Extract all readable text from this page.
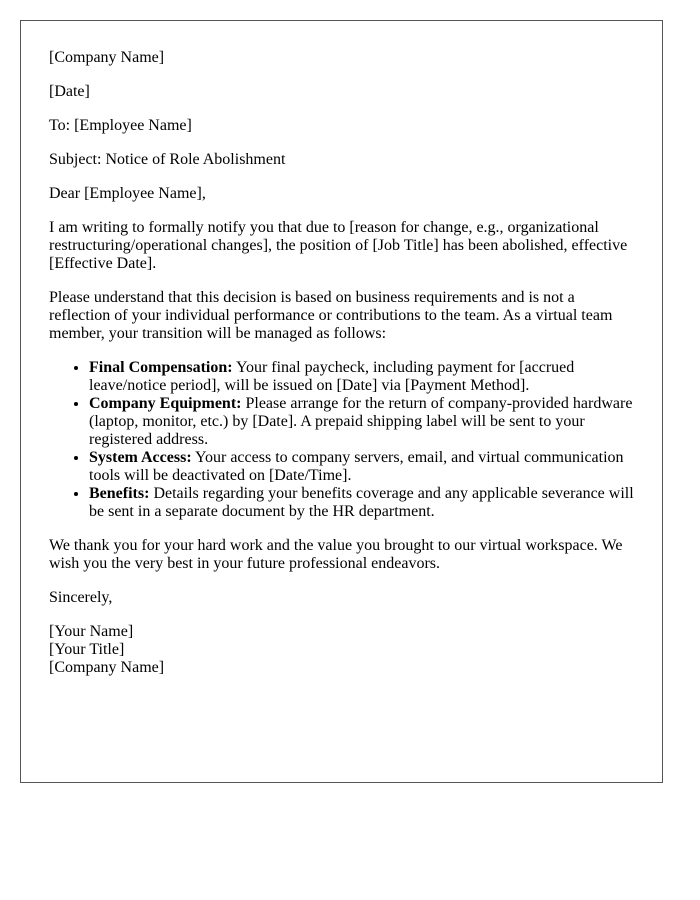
[Company Name]

[Date]

To: [Employee Name]

Subject: Notice of Role Abolishment

Dear [Employee Name],

I am writing to formally notify you that due to [reason for change, e.g., organizational restructuring/operational changes], the position of [Job Title] has been abolished, effective [Effective Date].

Please understand that this decision is based on business requirements and is not a reflection of your individual performance or contributions to the team. As a virtual team member, your transition will be managed as follows:

• Final Compensation: Your final paycheck, including payment for [accrued leave/notice period], will be issued on [Date] via [Payment Method].
• Company Equipment: Please arrange for the return of company-provided hardware (laptop, monitor, etc.) by [Date]. A prepaid shipping label will be sent to your registered address.
• System Access: Your access to company servers, email, and virtual communication tools will be deactivated on [Date/Time].
• Benefits: Details regarding your benefits coverage and any applicable severance will be sent in a separate document by the HR department.

We thank you for your hard work and the value you brought to our virtual workspace. We wish you the very best in your future professional endeavors.

Sincerely,

[Your Name]
[Your Title]
[Company Name]
